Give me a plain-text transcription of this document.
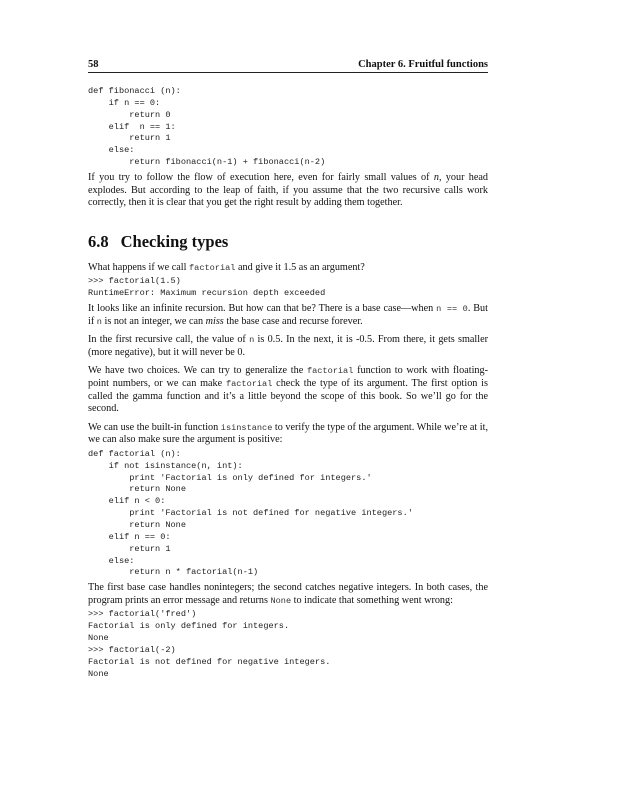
58	Chapter 6. Fruitful functions
def fibonacci (n):
if n == 0:
return 0
elif  n == 1:
return 1
else:
return fibonacci(n-1) + fibonacci(n-2)

If you try to follow the flow of execution here, even for fairly small values of n, your head explodes. But according to the leap of faith, if you assume that the two recursive calls work correctly, then it is clear that you get the right result by adding them together.

6.8 Checking types

What happens if we call factorial and give it 1.5 as an argument?

>>> factorial(1.5)
RuntimeError: Maximum recursion depth exceeded

It looks like an infinite recursion. But how can that be? There is a base case—when n == 0. But if n is not an integer, we can miss the base case and recurse forever.

In the first recursive call, the value of n is 0.5. In the next, it is -0.5. From there, it gets smaller (more negative), but it will never be 0.

We have two choices. We can try to generalize the factorial function to work with floating-point numbers, or we can make factorial check the type of its argument. The first option is called the gamma function and it’s a little beyond the scope of this book. So we’ll go for the second.

We can use the built-in function isinstance to verify the type of the argument. While we’re at it, we can also make sure the argument is positive:

def factorial (n):
if not isinstance(n, int):
print 'Factorial is only defined for integers.'
return None
elif n < 0:
print 'Factorial is not defined for negative integers.'
return None
elif n == 0:
return 1
else:
return n * factorial(n-1)

The first base case handles nonintegers; the second catches negative integers. In both cases, the program prints an error message and returns None to indicate that something went wrong:

>>> factorial('fred')
Factorial is only defined for integers.
None
>>> factorial(-2)
Factorial is not defined for negative integers.
None
